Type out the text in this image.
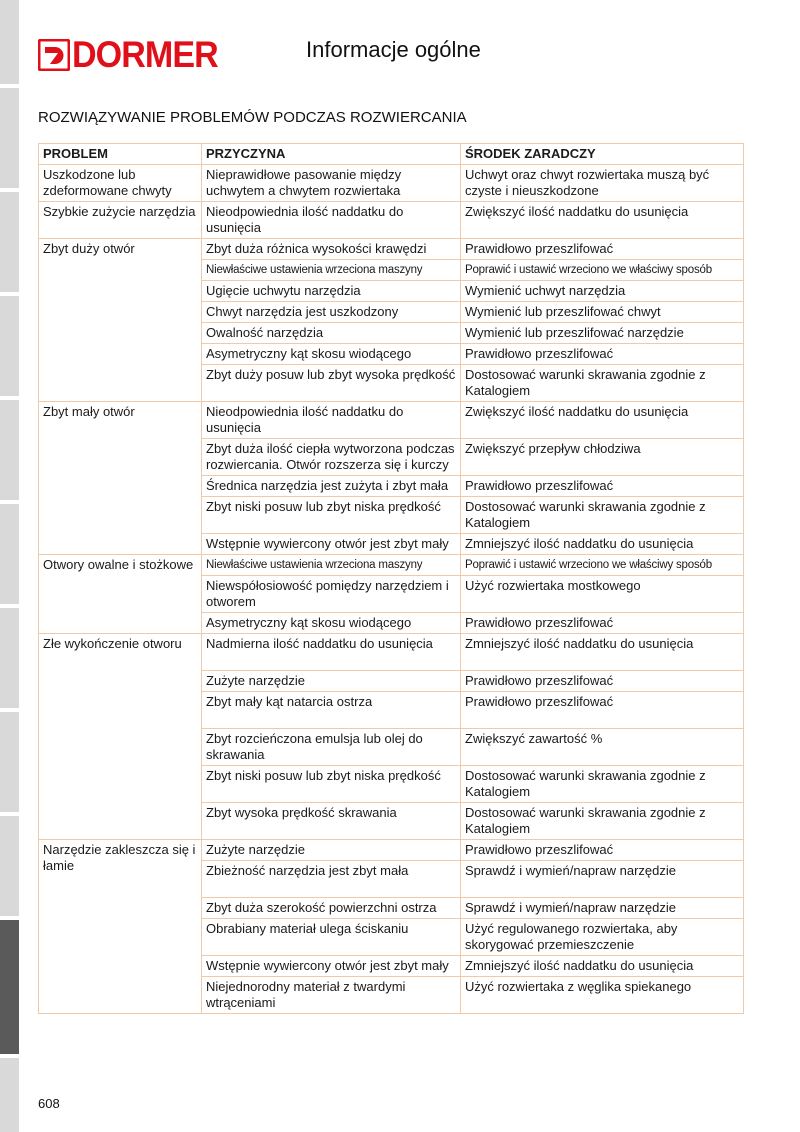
DORMER	Informacje ogólne
ROZWIĄZYWANIE PROBLEMÓW PODCZAS ROZWIERCANIA
PROBLEM	PRZYCZYNA	ŚRODEK ZARADCZY
Uszkodzone lub zdeformowane chwyty	Nieprawidłowe pasowanie między uchwytem a chwytem rozwiertaka	Uchwyt oraz chwyt rozwiertaka muszą być czyste i nieuszkodzone
Szybkie zużycie narzędzia	Nieodpowiednia ilość naddatku do usunięcia	Zwiększyć ilość naddatku do usunięcia
Zbyt duży otwór	Zbyt duża różnica wysokości krawędzi	Prawidłowo przeszlifować
	Niewłaściwe ustawienia wrzeciona maszyny	Poprawić i ustawić wrzeciono we właściwy sposób
	Ugięcie uchwytu narzędzia	Wymienić uchwyt narzędzia
	Chwyt narzędzia jest uszkodzony	Wymienić lub przeszlifować chwyt
	Owalność narzędzia	Wymienić lub przeszlifować narzędzie
	Asymetryczny kąt skosu wiodącego	Prawidłowo przeszlifować
	Zbyt duży posuw lub zbyt wysoka prędkość	Dostosować warunki skrawania zgodnie z Katalogiem
Zbyt mały otwór	Nieodpowiednia ilość naddatku do usunięcia	Zwiększyć ilość naddatku do usunięcia
	Zbyt duża ilość ciepła wytworzona podczas rozwiercania. Otwór rozszerza się i kurczy	Zwiększyć przepływ chłodziwa
	Średnica narzędzia jest zużyta i zbyt mała	Prawidłowo przeszlifować
	Zbyt niski posuw lub zbyt niska prędkość	Dostosować warunki skrawania zgodnie z Katalogiem
	Wstępnie wywiercony otwór jest zbyt mały	Zmniejszyć ilość naddatku do usunięcia
Otwory owalne i stożkowe	Niewłaściwe ustawienia wrzeciona maszyny	Poprawić i ustawić wrzeciono we właściwy sposób
	Niewspółosiowość pomiędzy narzędziem i otworem	Użyć rozwiertaka mostkowego
	Asymetryczny kąt skosu wiodącego	Prawidłowo przeszlifować
Złe wykończenie otworu	Nadmierna ilość naddatku do usunięcia	Zmniejszyć ilość naddatku do usunięcia
	Zużyte narzędzie	Prawidłowo przeszlifować
	Zbyt mały kąt natarcia ostrza	Prawidłowo przeszlifować
	Zbyt rozcieńczona emulsja lub olej do skrawania	Zwiększyć zawartość %
	Zbyt niski posuw lub zbyt niska prędkość	Dostosować warunki skrawania zgodnie z Katalogiem
	Zbyt wysoka prędkość skrawania	Dostosować warunki skrawania zgodnie z Katalogiem
Narzędzie zakleszcza się i łamie	Zużyte narzędzie	Prawidłowo przeszlifować
	Zbieżność narzędzia jest zbyt mała	Sprawdź i wymień/napraw narzędzie
	Zbyt duża szerokość powierzchni ostrza	Sprawdź i wymień/napraw narzędzie
	Obrabiany materiał ulega ściskaniu	Użyć regulowanego rozwiertaka, aby skorygować przemieszczenie
	Wstępnie wywiercony otwór jest zbyt mały	Zmniejszyć ilość naddatku do usunięcia
	Niejednorodny materiał z twardymi wtrąceniami	Użyć rozwiertaka z węglika spiekanego
608
